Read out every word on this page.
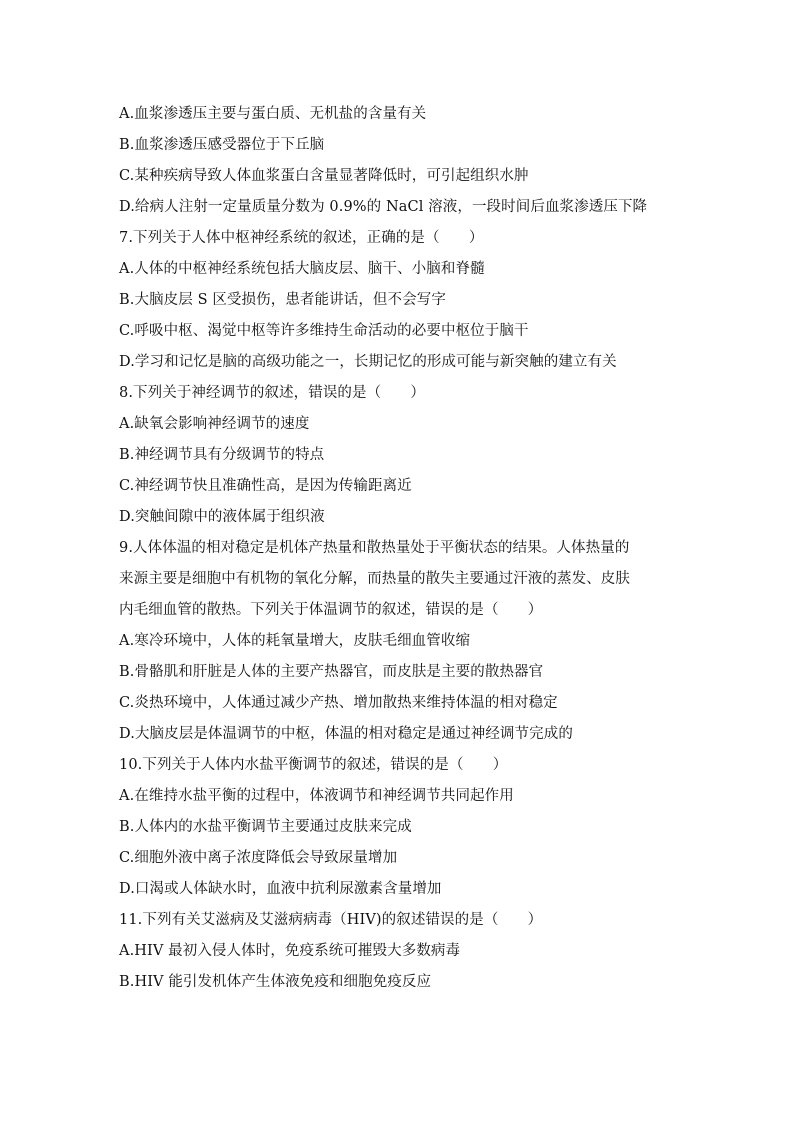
A.血浆渗透压主要与蛋白质、无机盐的含量有关
B.血浆渗透压感受器位于下丘脑
C.某种疾病导致人体血浆蛋白含量显著降低时，可引起组织水肿
D.给病人注射一定量质量分数为 0.9%的 NaCl 溶液，一段时间后血浆渗透压下降
7.下列关于人体中枢神经系统的叙述，正确的是（　　）
A.人体的中枢神经系统包括大脑皮层、脑干、小脑和脊髓
B.大脑皮层 S 区受损伤，患者能讲话，但不会写字
C.呼吸中枢、渴觉中枢等许多维持生命活动的必要中枢位于脑干
D.学习和记忆是脑的高级功能之一，长期记忆的形成可能与新突触的建立有关
8.下列关于神经调节的叙述，错误的是（　　）
A.缺氧会影响神经调节的速度
B.神经调节具有分级调节的特点
C.神经调节快且准确性高，是因为传输距离近
D.突触间隙中的液体属于组织液
9.人体体温的相对稳定是机体产热量和散热量处于平衡状态的结果。人体热量的
来源主要是细胞中有机物的氧化分解，而热量的散失主要通过汗液的蒸发、皮肤
内毛细血管的散热。下列关于体温调节的叙述，错误的是（　　）
A.寒冷环境中，人体的耗氧量增大，皮肤毛细血管收缩
B.骨骼肌和肝脏是人体的主要产热器官，而皮肤是主要的散热器官
C.炎热环境中，人体通过减少产热、增加散热来维持体温的相对稳定
D.大脑皮层是体温调节的中枢，体温的相对稳定是通过神经调节完成的
10.下列关于人体内水盐平衡调节的叙述，错误的是（　　）
A.在维持水盐平衡的过程中，体液调节和神经调节共同起作用
B.人体内的水盐平衡调节主要通过皮肤来完成
C.细胞外液中离子浓度降低会导致尿量增加
D.口渴或人体缺水时，血液中抗利尿激素含量增加
11.下列有关艾滋病及艾滋病病毒（HIV)的叙述错误的是（　　）
A.HIV 最初入侵人体时，免疫系统可摧毁大多数病毒
B.HIV 能引发机体产生体液免疫和细胞免疫反应
